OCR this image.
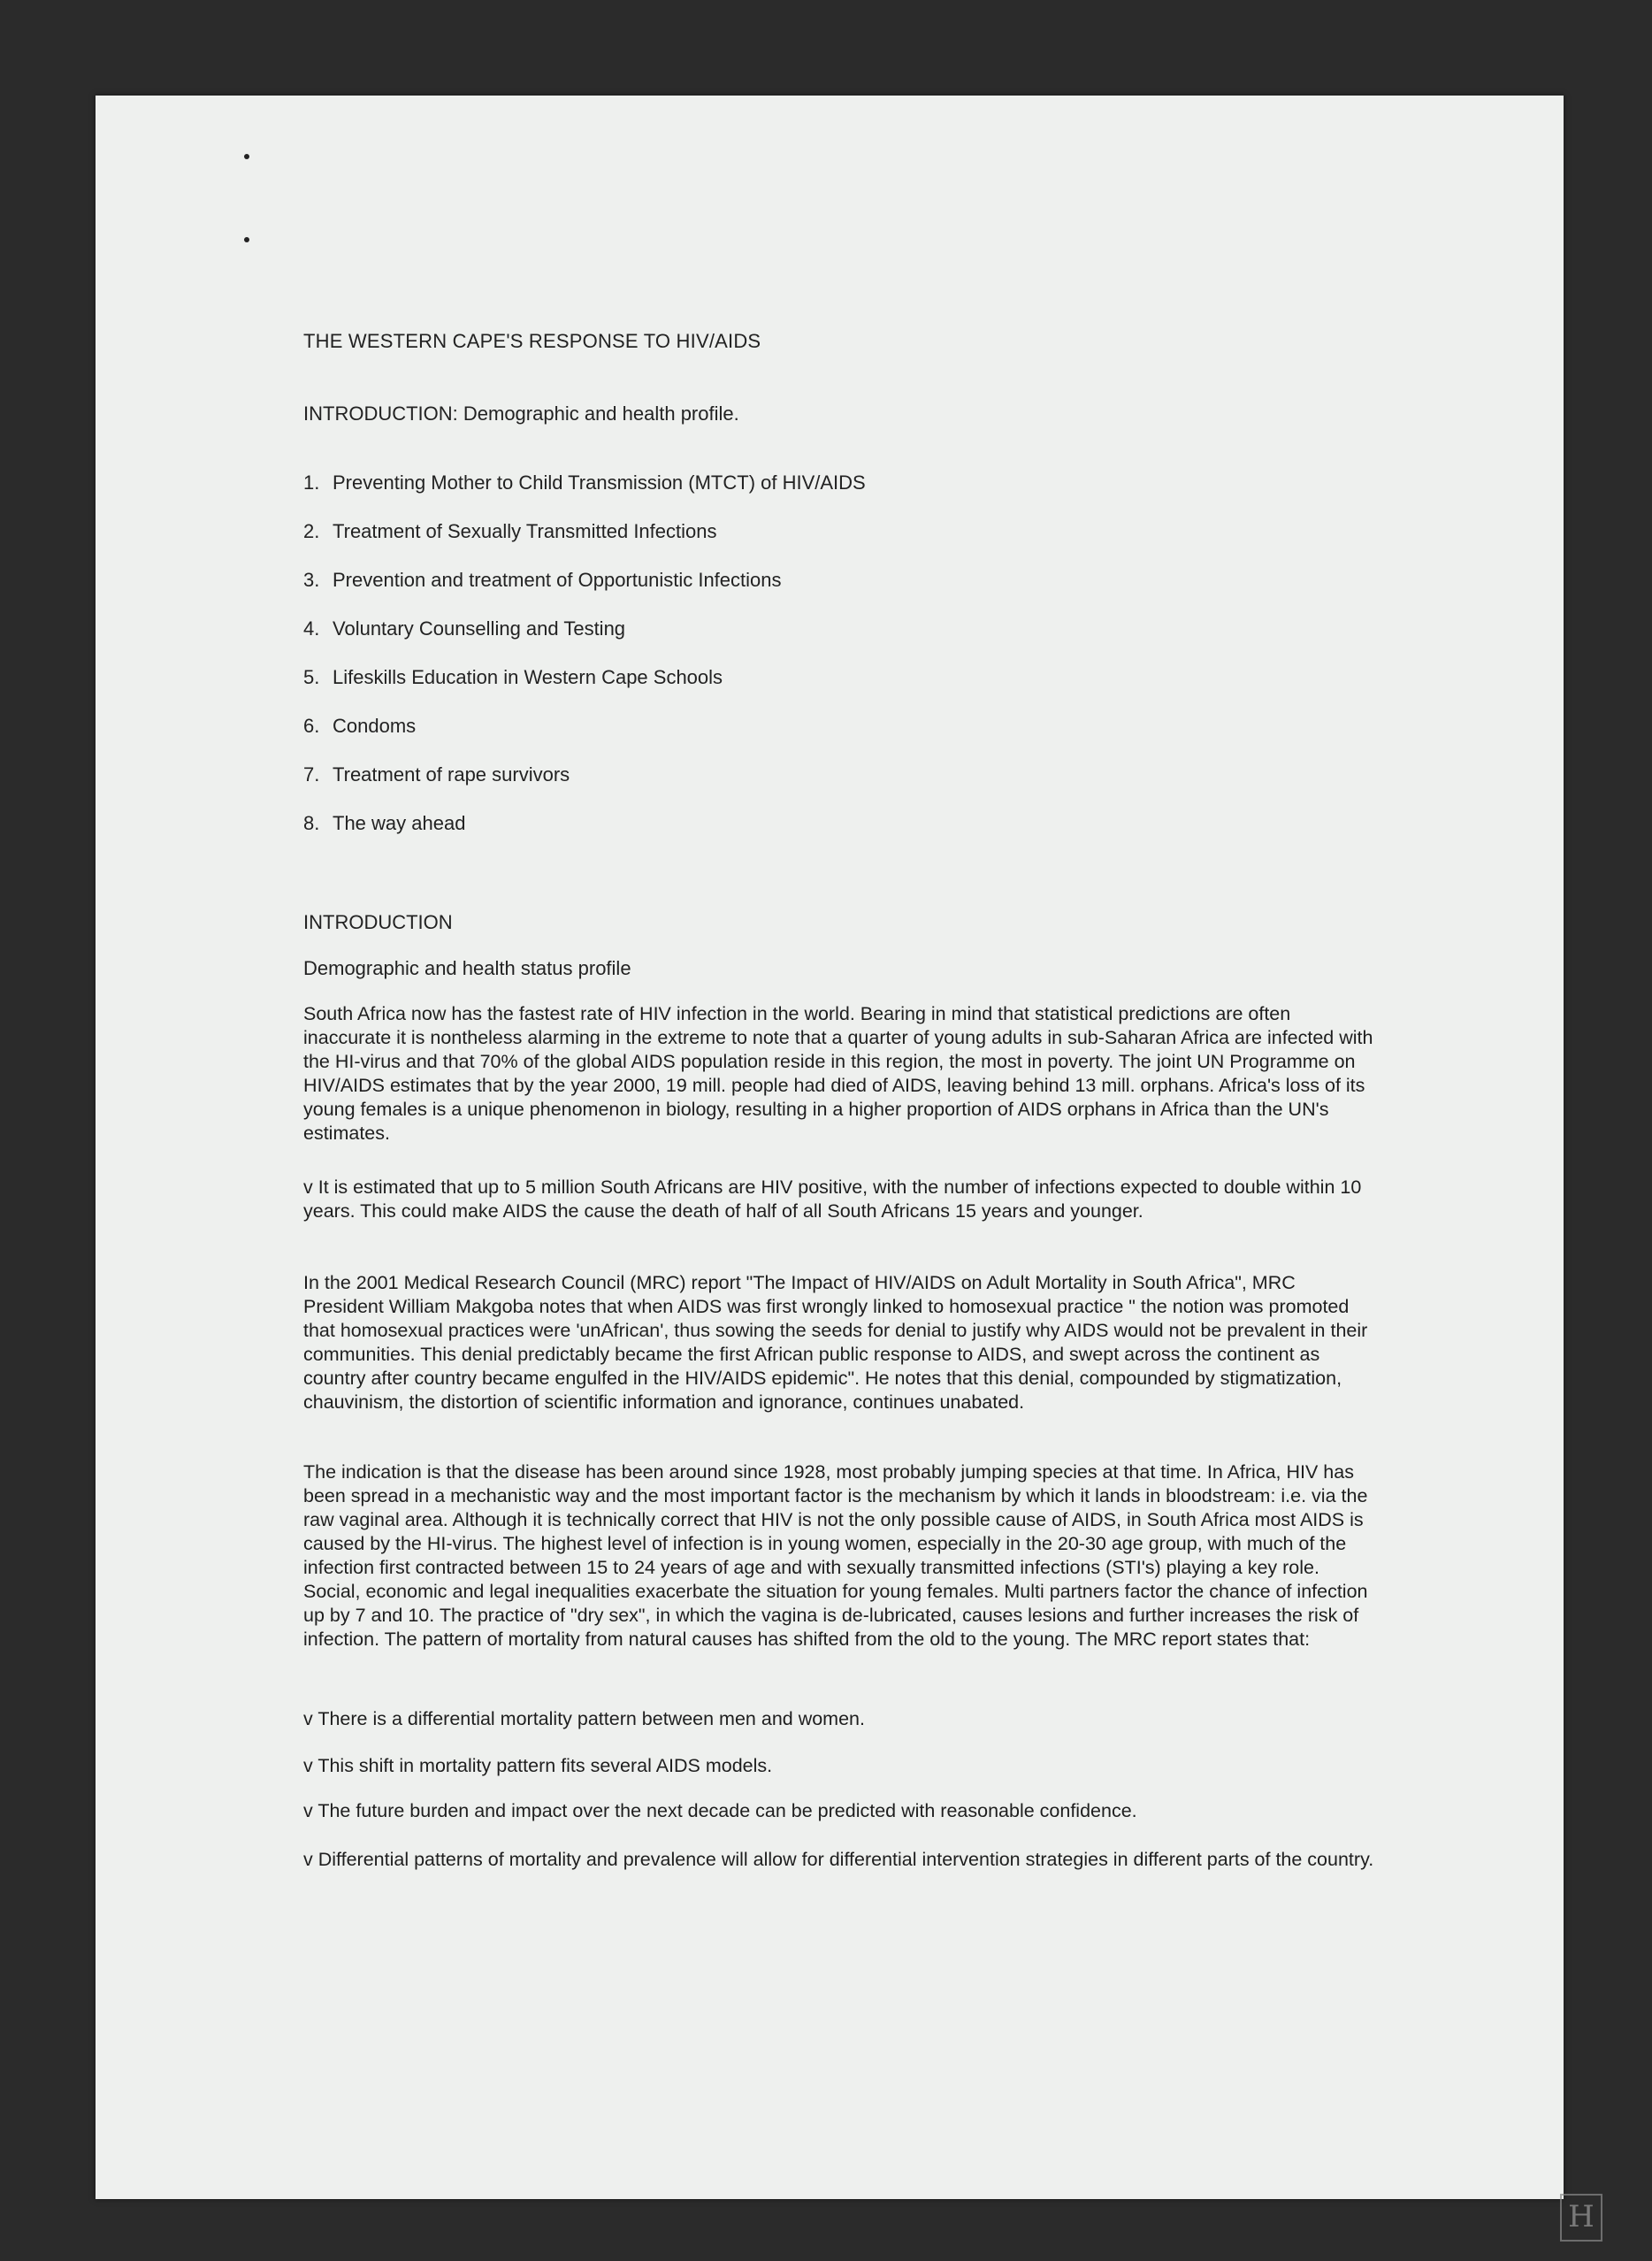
THE WESTERN CAPE'S RESPONSE TO HIV/AIDS
INTRODUCTION: Demographic and health profile.
1. Preventing Mother to Child Transmission (MTCT) of HIV/AIDS
2. Treatment of Sexually Transmitted Infections
3. Prevention and treatment of Opportunistic Infections
4. Voluntary Counselling and Testing
5. Lifeskills Education in Western Cape Schools
6. Condoms
7. Treatment of rape survivors
8. The way ahead
INTRODUCTION
Demographic and health status profile

South Africa now has the fastest rate of HIV infection in the world. Bearing in mind that statistical predictions are often inaccurate it is nontheless alarming in the extreme to note that a quarter of young adults in sub-Saharan Africa are infected with the HI-virus and that 70% of the global AIDS population reside in this region, the most in poverty. The joint UN Programme on HIV/AIDS estimates that by the year 2000, 19 mill. people had died of AIDS, leaving behind 13 mill. orphans. Africa's loss of its young females is a unique phenomenon in biology, resulting in a higher proportion of AIDS orphans in Africa than the UN's estimates.

v It is estimated that up to 5 million South Africans are HIV positive, with the number of infections expected to double within 10 years. This could make AIDS the cause the death of half of all South Africans 15 years and younger.

In the 2001 Medical Research Council (MRC) report "The Impact of HIV/AIDS on Adult Mortality in South Africa", MRC President William Makgoba notes that when AIDS was first wrongly linked to homosexual practice " the notion was promoted that homosexual practices were 'unAfrican', thus sowing the seeds for denial to justify why AIDS would not be prevalent in their communities. This denial predictably became the first African public response to AIDS, and swept across the continent as country after country became engulfed in the HIV/AIDS epidemic". He notes that this denial, compounded by stigmatization, chauvinism, the distortion of scientific information and ignorance, continues unabated.

The indication is that the disease has been around since 1928, most probably jumping species at that time. In Africa, HIV has been spread in a mechanistic way and the most important factor is the mechanism by which it lands in bloodstream: i.e. via the raw vaginal area. Although it is technically correct that HIV is not the only possible cause of AIDS, in South Africa most AIDS is caused by the HI-virus. The highest level of infection is in young women, especially in the 20-30 age group, with much of the infection first contracted between 15 to 24 years of age and with sexually transmitted infections (STI's) playing a key role. Social, economic and legal inequalities exacerbate the situation for young females. Multi partners factor the chance of infection up by 7 and 10. The practice of "dry sex", in which the vagina is de-lubricated, causes lesions and further increases the risk of infection. The pattern of mortality from natural causes has shifted from the old to the young. The MRC report states that:

v There is a differential mortality pattern between men and women.

v This shift in mortality pattern fits several AIDS models.

v The future burden and impact over the next decade can be predicted with reasonable confidence.

v Differential patterns of mortality and prevalence will allow for differential intervention strategies in different parts of the country.

H
